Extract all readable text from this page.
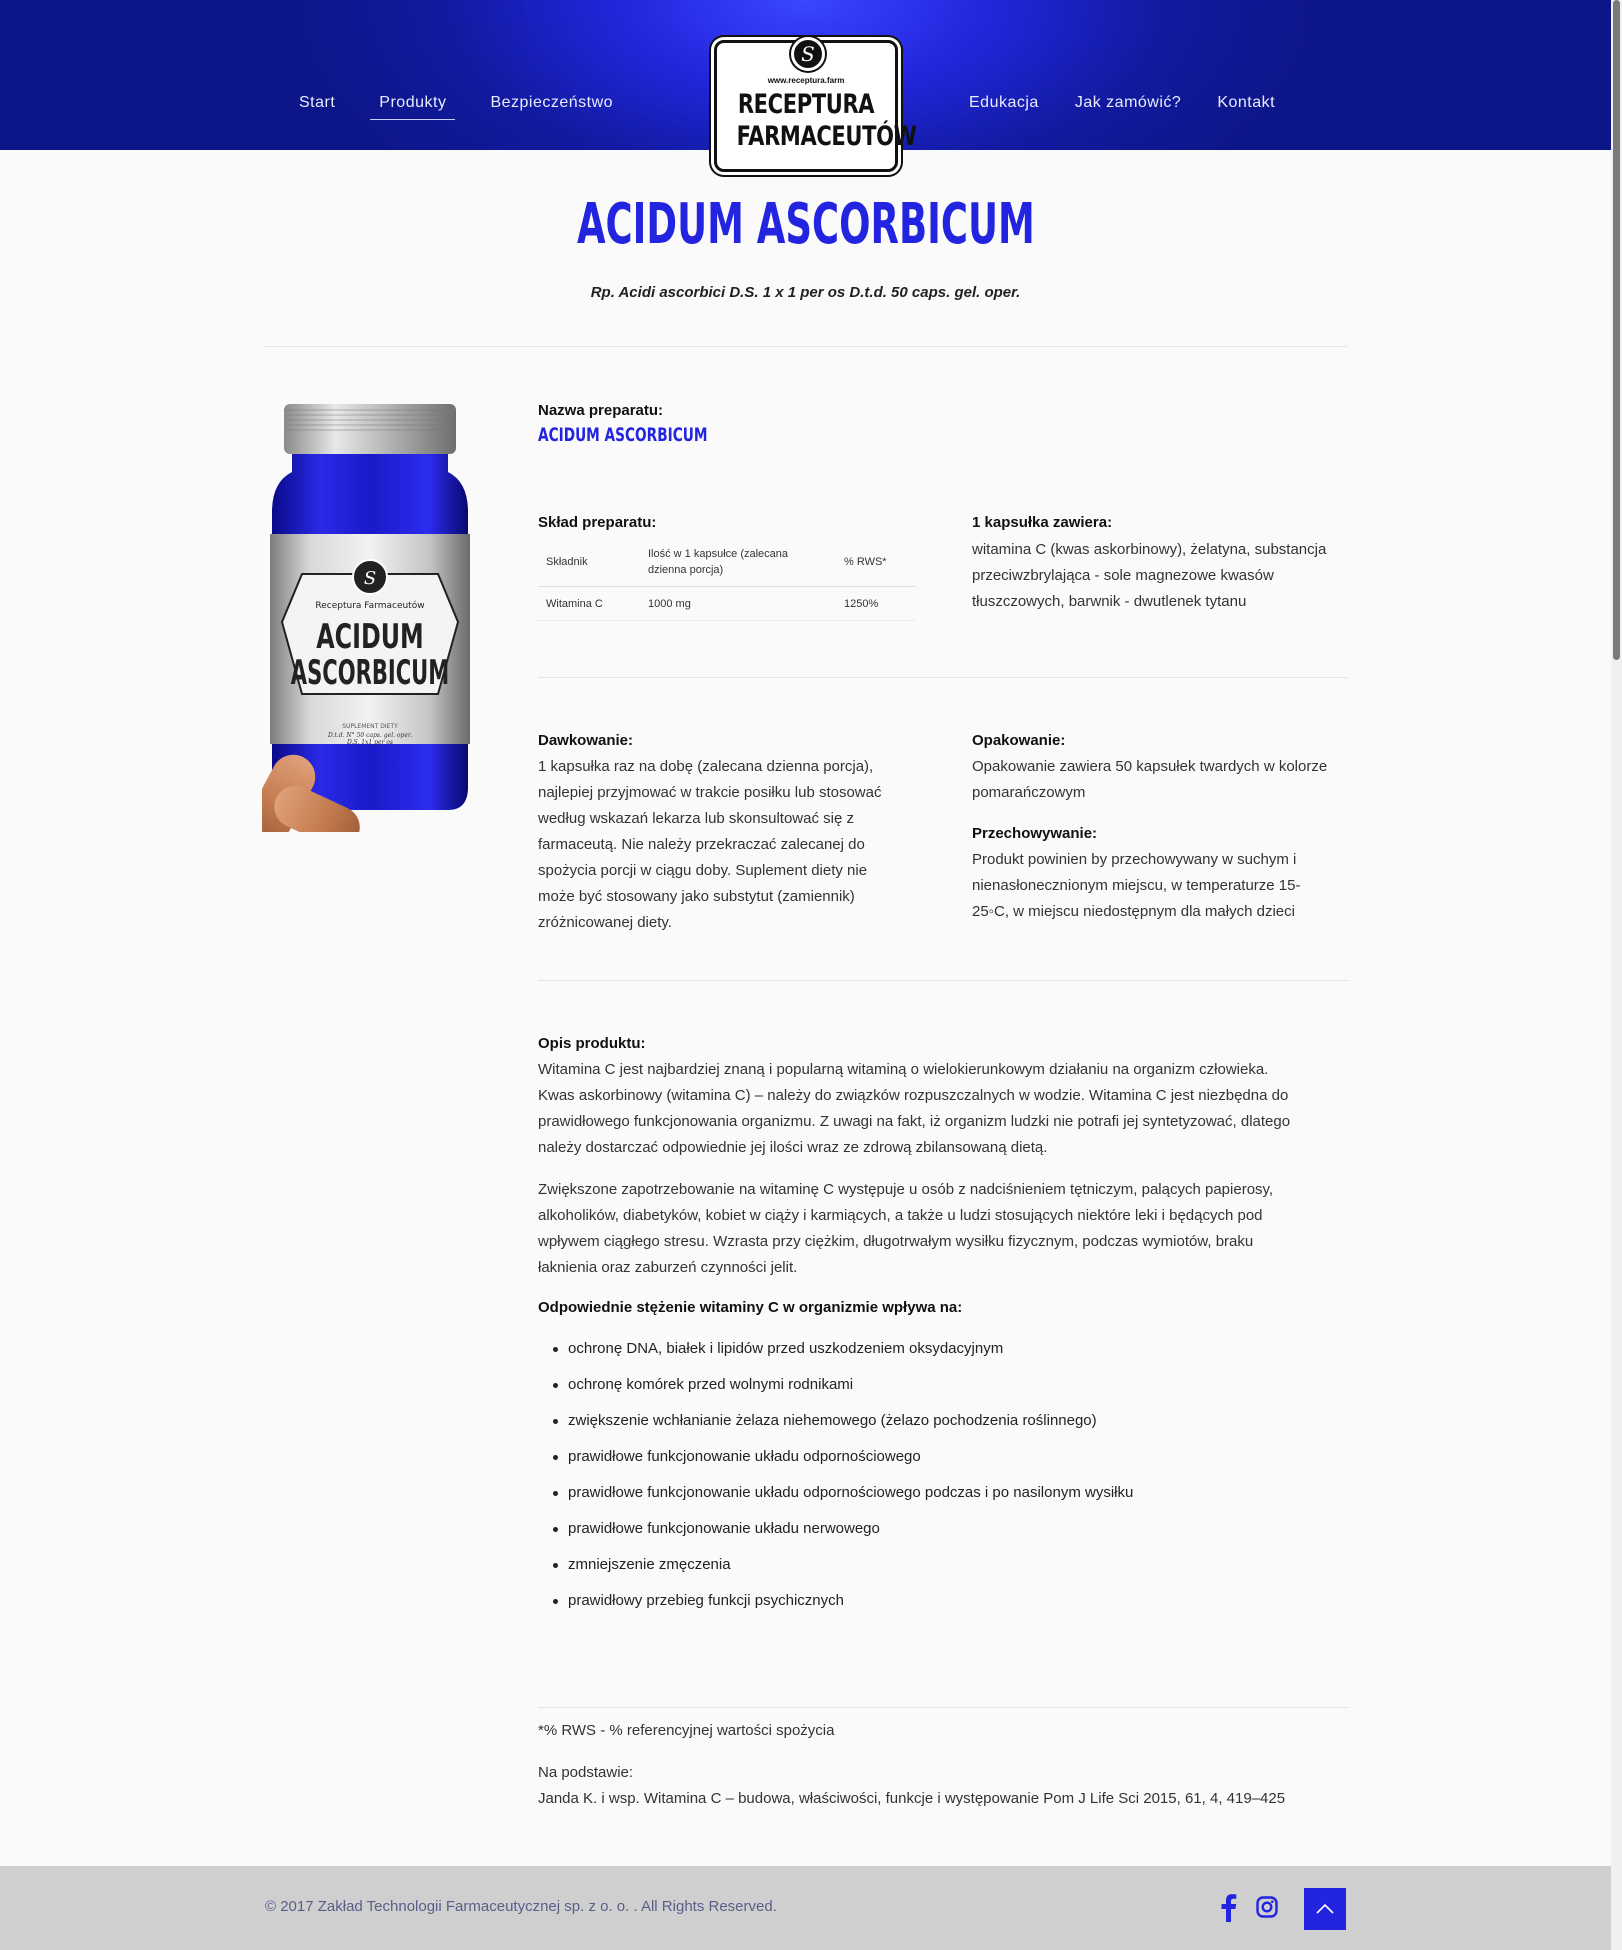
Start	Produkty	Bezpieczeństwo	Edukacja	Jak zamówić?	Kontakt
S
www.receptura.farm
RECEPTURA
FARMACEUTÓW
ACIDUM ASCORBICUM
Rp. Acidi ascorbici D.S. 1 x 1 per os D.t.d. 50 caps. gel. oper.
S
Receptura Farmaceutów
ACIDUM
ASCORBICUM
SUPLEMENT DIETY
D.t.d. N° 50 caps. gel. oper.
D.S. 1x1 per os
Nazwa preparatu:
ACIDUM ASCORBICUM
Skład preparatu:
Składnik	Ilość w 1 kapsułce (zalecana dzienna porcja)	% RWS*
Witamina C	1000 mg	1250%
1 kapsułka zawiera:
witamina C (kwas askorbinowy), żelatyna, substancja
przeciwzbrylająca - sole magnezowe kwasów
tłuszczowych, barwnik - dwutlenek tytanu
Dawkowanie:
1 kapsułka raz na dobę (zalecana dzienna porcja),
najlepiej przyjmować w trakcie posiłku lub stosować
według wskazań lekarza lub skonsultować się z
farmaceutą. Nie należy przekraczać zalecanej do
spożycia porcji w ciągu doby. Suplement diety nie
może być stosowany jako substytut (zamiennik)
zróżnicowanej diety.
Opakowanie:
Opakowanie zawiera 50 kapsułek twardych w kolorze
pomarańczowym
Przechowywanie:
Produkt powinien by przechowywany w suchym i
nienasłonecznionym miejscu, w temperaturze 15-
25◦C, w miejscu niedostępnym dla małych dzieci
Opis produktu:
Witamina C jest najbardziej znaną i popularną witaminą o wielokierunkowym działaniu na organizm człowieka.
Kwas askorbinowy (witamina C) – należy do związków rozpuszczalnych w wodzie. Witamina C jest niezbędna do
prawidłowego funkcjonowania organizmu. Z uwagi na fakt, iż organizm ludzki nie potrafi jej syntetyzować, dlatego
należy dostarczać odpowiednie jej ilości wraz ze zdrową zbilansowaną dietą.
Zwiększone zapotrzebowanie na witaminę C występuje u osób z nadciśnieniem tętniczym, palących papierosy,
alkoholików, diabetyków, kobiet w ciąży i karmiących, a także u ludzi stosujących niektóre leki i będących pod
wpływem ciągłego stresu. Wzrasta przy ciężkim, długotrwałym wysiłku fizycznym, podczas wymiotów, braku
łaknienia oraz zaburzeń czynności jelit.
Odpowiednie stężenie witaminy C w organizmie wpływa na:
ochronę DNA, białek i lipidów przed uszkodzeniem oksydacyjnym
ochronę komórek przed wolnymi rodnikami
zwiększenie wchłanianie żelaza niehemowego (żelazo pochodzenia roślinnego)
prawidłowe funkcjonowanie układu odpornościowego
prawidłowe funkcjonowanie układu odpornościowego podczas i po nasilonym wysiłku
prawidłowe funkcjonowanie układu nerwowego
zmniejszenie zmęczenia
prawidłowy przebieg funkcji psychicznych
*% RWS - % referencyjnej wartości spożycia
Na podstawie:
Janda K. i wsp. Witamina C – budowa, właściwości, funkcje i występowanie Pom J Life Sci 2015, 61, 4, 419–425
© 2017 Zakład Technologii Farmaceutycznej sp. z o. o. . All Rights Reserved.
